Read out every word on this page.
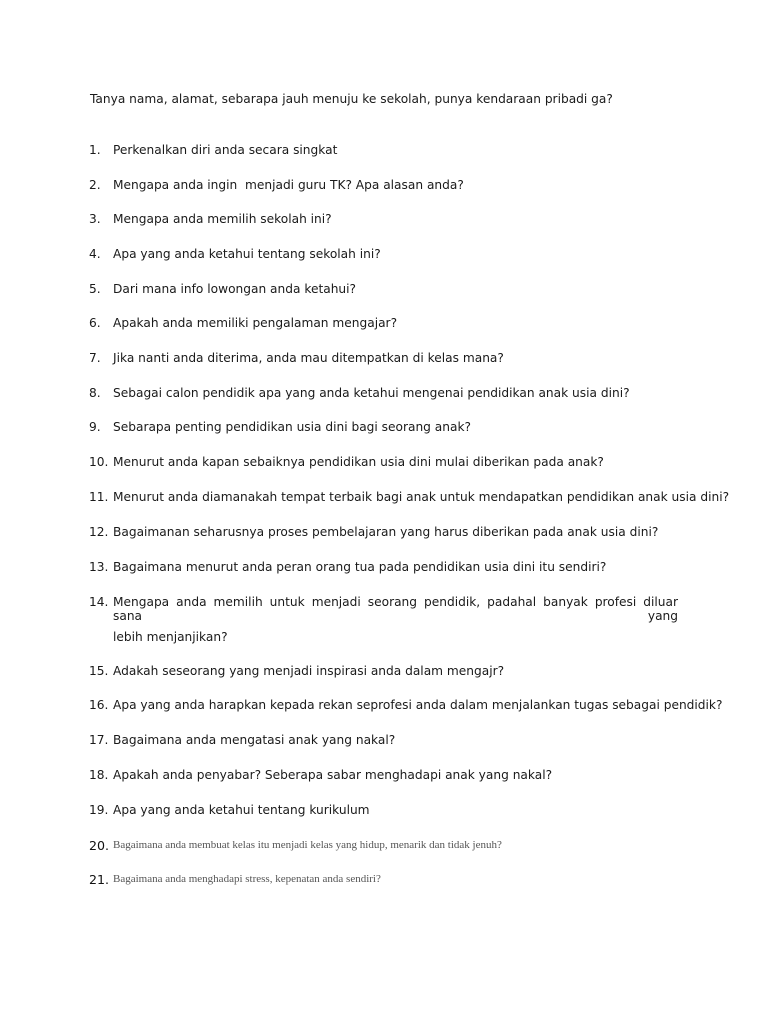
Tanya nama, alamat, sebarapa jauh menuju ke sekolah, punya kendaraan pribadi ga?

1.	Perkenalkan diri anda secara singkat
2.	Mengapa anda ingin  menjadi guru TK? Apa alasan anda?
3.	Mengapa anda memilih sekolah ini?
4.	Apa yang anda ketahui tentang sekolah ini?
5.	Dari mana info lowongan anda ketahui?
6.	Apakah anda memiliki pengalaman mengajar?
7.	Jika nanti anda diterima, anda mau ditempatkan di kelas mana?
8.	Sebagai calon pendidik apa yang anda ketahui mengenai pendidikan anak usia dini?
9.	Sebarapa penting pendidikan usia dini bagi seorang anak?
10. Menurut anda kapan sebaiknya pendidikan usia dini mulai diberikan pada anak?
11. Menurut anda diamanakah tempat terbaik bagi anak untuk mendapatkan pendidikan anak usia dini?
12. Bagaimanan seharusnya proses pembelajaran yang harus diberikan pada anak usia dini?
13. Bagaimana menurut anda peran orang tua pada pendidikan usia dini itu sendiri?
14. Mengapa anda memilih untuk menjadi seorang pendidik, padahal banyak profesi diluar sana yang
lebih menjanjikan?
15. Adakah seseorang yang menjadi inspirasi anda dalam mengajr?
16. Apa yang anda harapkan kepada rekan seprofesi anda dalam menjalankan tugas sebagai pendidik?
17. Bagaimana anda mengatasi anak yang nakal?
18. Apakah anda penyabar? Seberapa sabar menghadapi anak yang nakal?
19. Apa yang anda ketahui tentang kurikulum
20. Bagaimana anda membuat kelas itu menjadi kelas yang hidup, menarik dan tidak jenuh?
21. Bagaimana anda menghadapi stress, kepenatan anda sendiri?
